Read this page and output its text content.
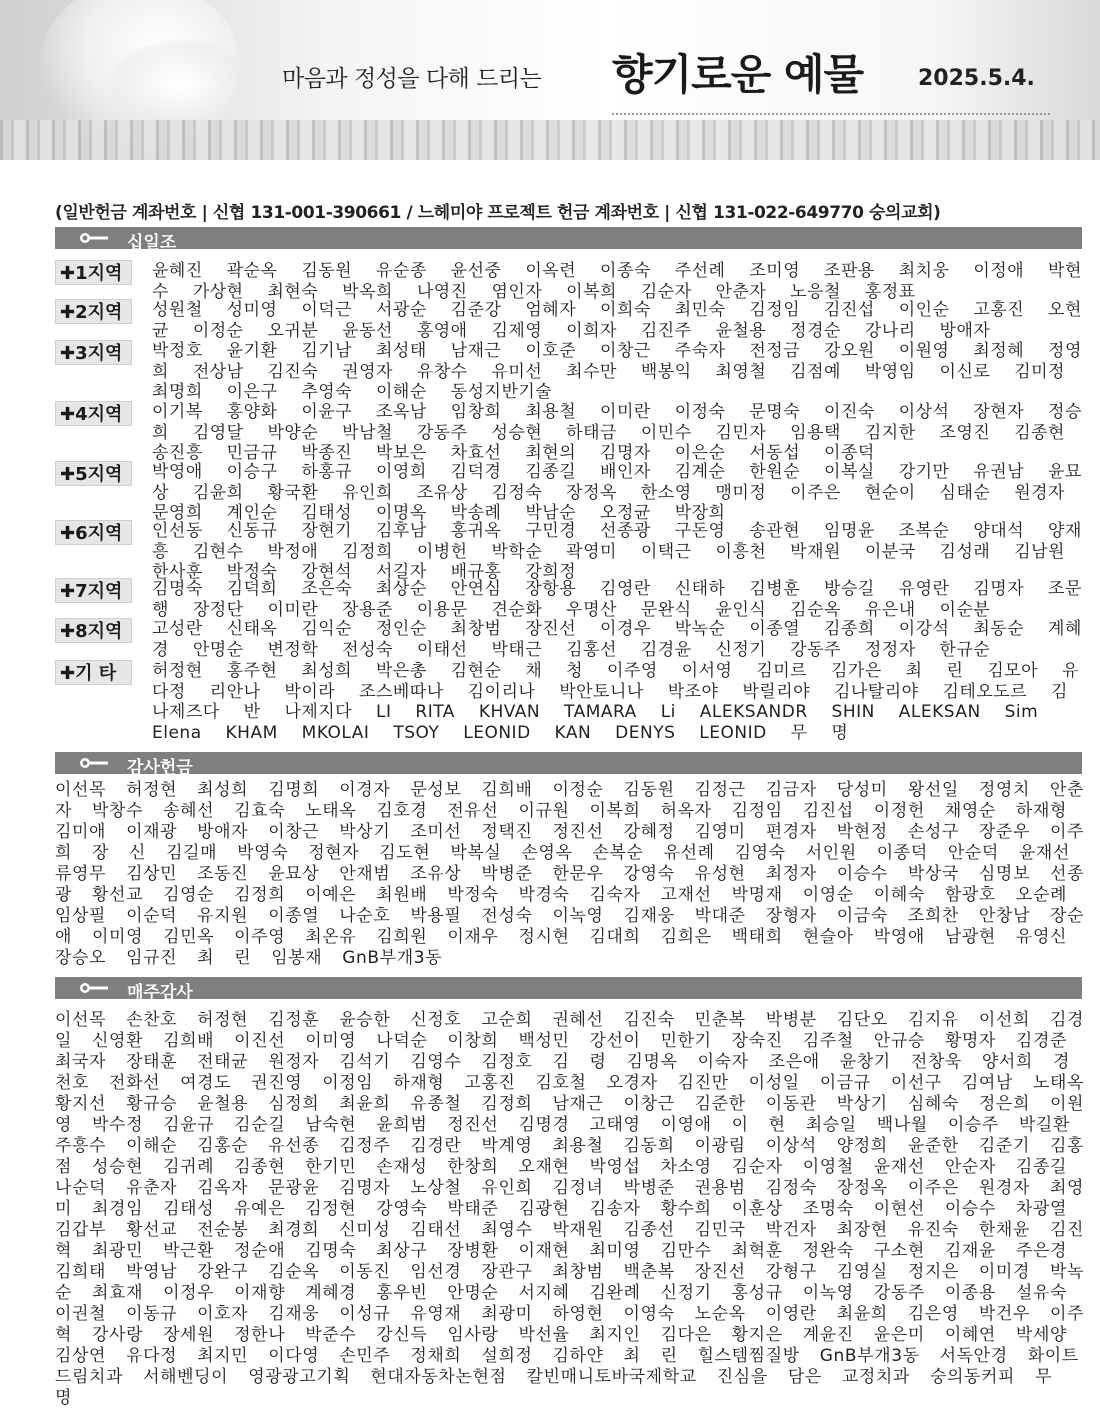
마음과 정성을 다해 드리는 향기로운 예물 2025.5.4.
(일반헌금 계좌번호 | 신협 131-001-390661 / 느헤미야 프로젝트 헌금 계좌번호 | 신협 131-022-649770 숭의교회)
십일조
✚1지역	윤혜진 곽순옥 김동원 유순종 윤선중 이옥련 이종숙 주선례 조미영 조판용 최치웅 이정애 박현수 가상현 최현숙 박옥희 나영진 염인자 이복희 김순자 안춘자 노응철 홍정표
✚2지역	성원철 성미영 이덕근 서광순 김준강 엄혜자 이희숙 최민숙 김정임 김진섭 이인순 고홍진 오현균 이정순 오귀분 윤동선 홍영애 김제영 이희자 김진주 윤철용 정경순 강나리 방애자
✚3지역	박정호 윤기환 김기남 최성태 남재근 이호준 이창근 주숙자 전정금 강오원 이원영 최정혜 정영희 전상남 김진숙 권영자 유창수 유미선 최수만 백봉익 최영철 김점예 박영임 이신로 김미정 최명희 이은구 추영숙 이해순 동성지반기술
✚4지역	이기복 홍양화 이윤구 조옥남 임창희 최용철 이미란 이정숙 문명숙 이진숙 이상석 장현자 정승희 김영달 박양순 박남철 강동주 성승현 하태금 이민수 김민자 임용택 김지한 조영진 김종현 송진흥 민금규 박종진 박보은 차효선 최현의 김명자 이은순 서동섭 이종덕
✚5지역	박영애 이승구 하홍규 이영희 김덕경 김종길 배인자 김계순 한원순 이복실 강기만 유권남 윤묘상 김윤희 황국환 유인희 조유상 김정숙 장정옥 한소영 맹미정 이주은 현순이 심태순 원경자 문영희 계인순 김태성 이명옥 박송례 박남순 오정균 박장희
✚6지역	인선동 신동규 장현기 김후남 홍귀옥 구민경 선종광 구돈영 송관현 임명윤 조복순 양대석 양재흥 김현수 박정애 김정희 이병헌 박학순 곽영미 이택근 이흥천 박재원 이분국 김성래 김남원 한사훈 박정숙 강현석 서길자 배규홍 강희정
✚7지역	김명숙 김덕희 조은숙 최상순 안연심 장항용 김영란 신태하 김병훈 방승길 유영란 김명자 조문행 장정단 이미란 장용준 이용문 견순화 우명산 문완식 윤인식 김순옥 유은내 이순분
✚8지역	고성란 신태옥 김익순 정인순 최창범 장진선 이경우 박녹순 이종열 김종희 이강석 최동순 계혜경 안명순 변정학 전성숙 이태선 박태근 김홍선 김경윤 신정기 강동주 정정자 한규순
✚기 타	허정현 홍주현 최성희 박은총 김현순 채 청 이주영 이서영 김미르 김가은 최 린 김모아 유다정 리안나 박이라 조스베따나 김이리나 박안토니나 박조야 박릴리야 김나탈리야 김테오도르 김 나제즈다 반 나제지다 LI RITA KHVAN TAMARA Li ALEKSANDR SHIN ALEKSAN Sim Elena KHAM MKOLAI TSOY LEONID KAN DENYS LEONID 무 명
감사헌금
이선목 허정현 최성희 김명희 이경자 문성보 김희배 이정순 김동원 김정근 김금자 당성미 왕선일 정영치 안춘자 박창수 송혜선 김효숙 노태옥 김호경 전유선 이규원 이복희 허옥자 김정임 김진섭 이정헌 채영순 하재형 김미애 이재광 방애자 이창근 박상기 조미선 정택진 정진선 강혜정 김영미 편경자 박현정 손성구 장준우 이주희 장 신 김길매 박영숙 정현자 김도현 박복실 손영옥 손복순 유선례 김영숙 서인원 이종덕 안순덕 윤재선 류영무 김상민 조동진 윤묘상 안재범 조유상 박병준 한문우 강영숙 유성현 최정자 이승수 박상국 심명보 선종광 황선교 김영순 김정희 이예은 최원배 박정숙 박경숙 김숙자 고재선 박명재 이영순 이혜숙 함광호 오순례 임상필 이순덕 유지원 이종열 나순호 박용필 전성숙 이녹영 김재웅 박대준 장형자 이금숙 조희찬 안창남 장순애 이미영 김민옥 이주영 최온유 김희원 이재우 정시현 김대희 김희은 백태희 현슬아 박영애 남광현 유영신 장승오 임규진 최 린 임봉재 GnB부개3동
매주감사
이선목 손찬호 허정현 김정훈 윤승한 신정호 고순희 권혜선 김진숙 민춘복 박병분 김단오 김지유 이선희 김경일 신영환 김희배 이진선 이미영 나덕순 이창희 백성민 강선이 민한기 장숙진 김주철 안규승 황명자 김경준 최국자 장태훈 전태균 원정자 김석기 김영수 김정호 김 령 김명옥 이숙자 조은애 윤창기 전창욱 양서희 경천호 전화선 여경도 권진영 이정임 하재형 고홍진 김호철 오경자 김진만 이성일 이금규 이선구 김여남 노태옥 황지선 황규승 윤철용 심정희 최윤희 유종철 김정희 남재근 이창근 김준한 이동관 박상기 심혜숙 정은희 이원영 박수정 김윤규 김순길 남숙현 윤희범 정진선 김명경 고태영 이영애 이 현 최승일 백나월 이승주 박길환 주흥수 이해순 김홍순 유선종 김정주 김경란 박계영 최용철 김동희 이광림 이상석 양정희 윤준한 김준기 김홍점 성승현 김귀례 김종현 한기민 손재성 한창희 오재현 박영섭 차소영 김순자 이영철 윤재선 안순자 김종길 나순덕 유춘자 김옥자 문광윤 김명자 노상철 유인희 김정녀 박병준 권용범 김정숙 장정옥 이주은 원경자 최영미 최경임 김태성 유예은 김정현 강영숙 박태준 김광현 김송자 황수희 이훈상 조명숙 이현선 이승수 차광열 김갑부 황선교 전순봉 최경희 신미성 김태선 최영수 박재원 김종선 김민국 박건자 최장현 유진숙 한채윤 김진혁 최광민 박근환 정순애 김명숙 최상구 장병환 이재현 최미영 김만수 최혁훈 정완숙 구소현 김재윤 주은경 김희태 박영남 강완구 김순옥 이동진 임선경 장관구 최창범 백춘복 장진선 강형구 김영실 정지은 이미경 박녹순 최효재 이정우 이재향 계혜경 홍우빈 안명순 서지혜 김완례 신정기 홍성규 이녹영 강동주 이종용 설유숙 이권철 이동규 이호자 김재웅 이성규 유영재 최광미 하영현 이영숙 노순옥 이영란 최윤희 김은영 박건우 이주혁 강사랑 장세원 정한나 박준수 강신득 임사랑 박선율 최지인 김다은 황지은 계윤진 윤은미 이혜연 박세양 김상연 유다정 최지민 이다영 손민주 정채희 설희정 김하얀 최 린 힐스템찜질방 GnB부개3동 서독안경 화이트드림치과 서해벤딩이 영광광고기획 현대자동차논현점 칼빈매니토바국제학교 진심을 담은 교정치과 숭의동커피 무 명
